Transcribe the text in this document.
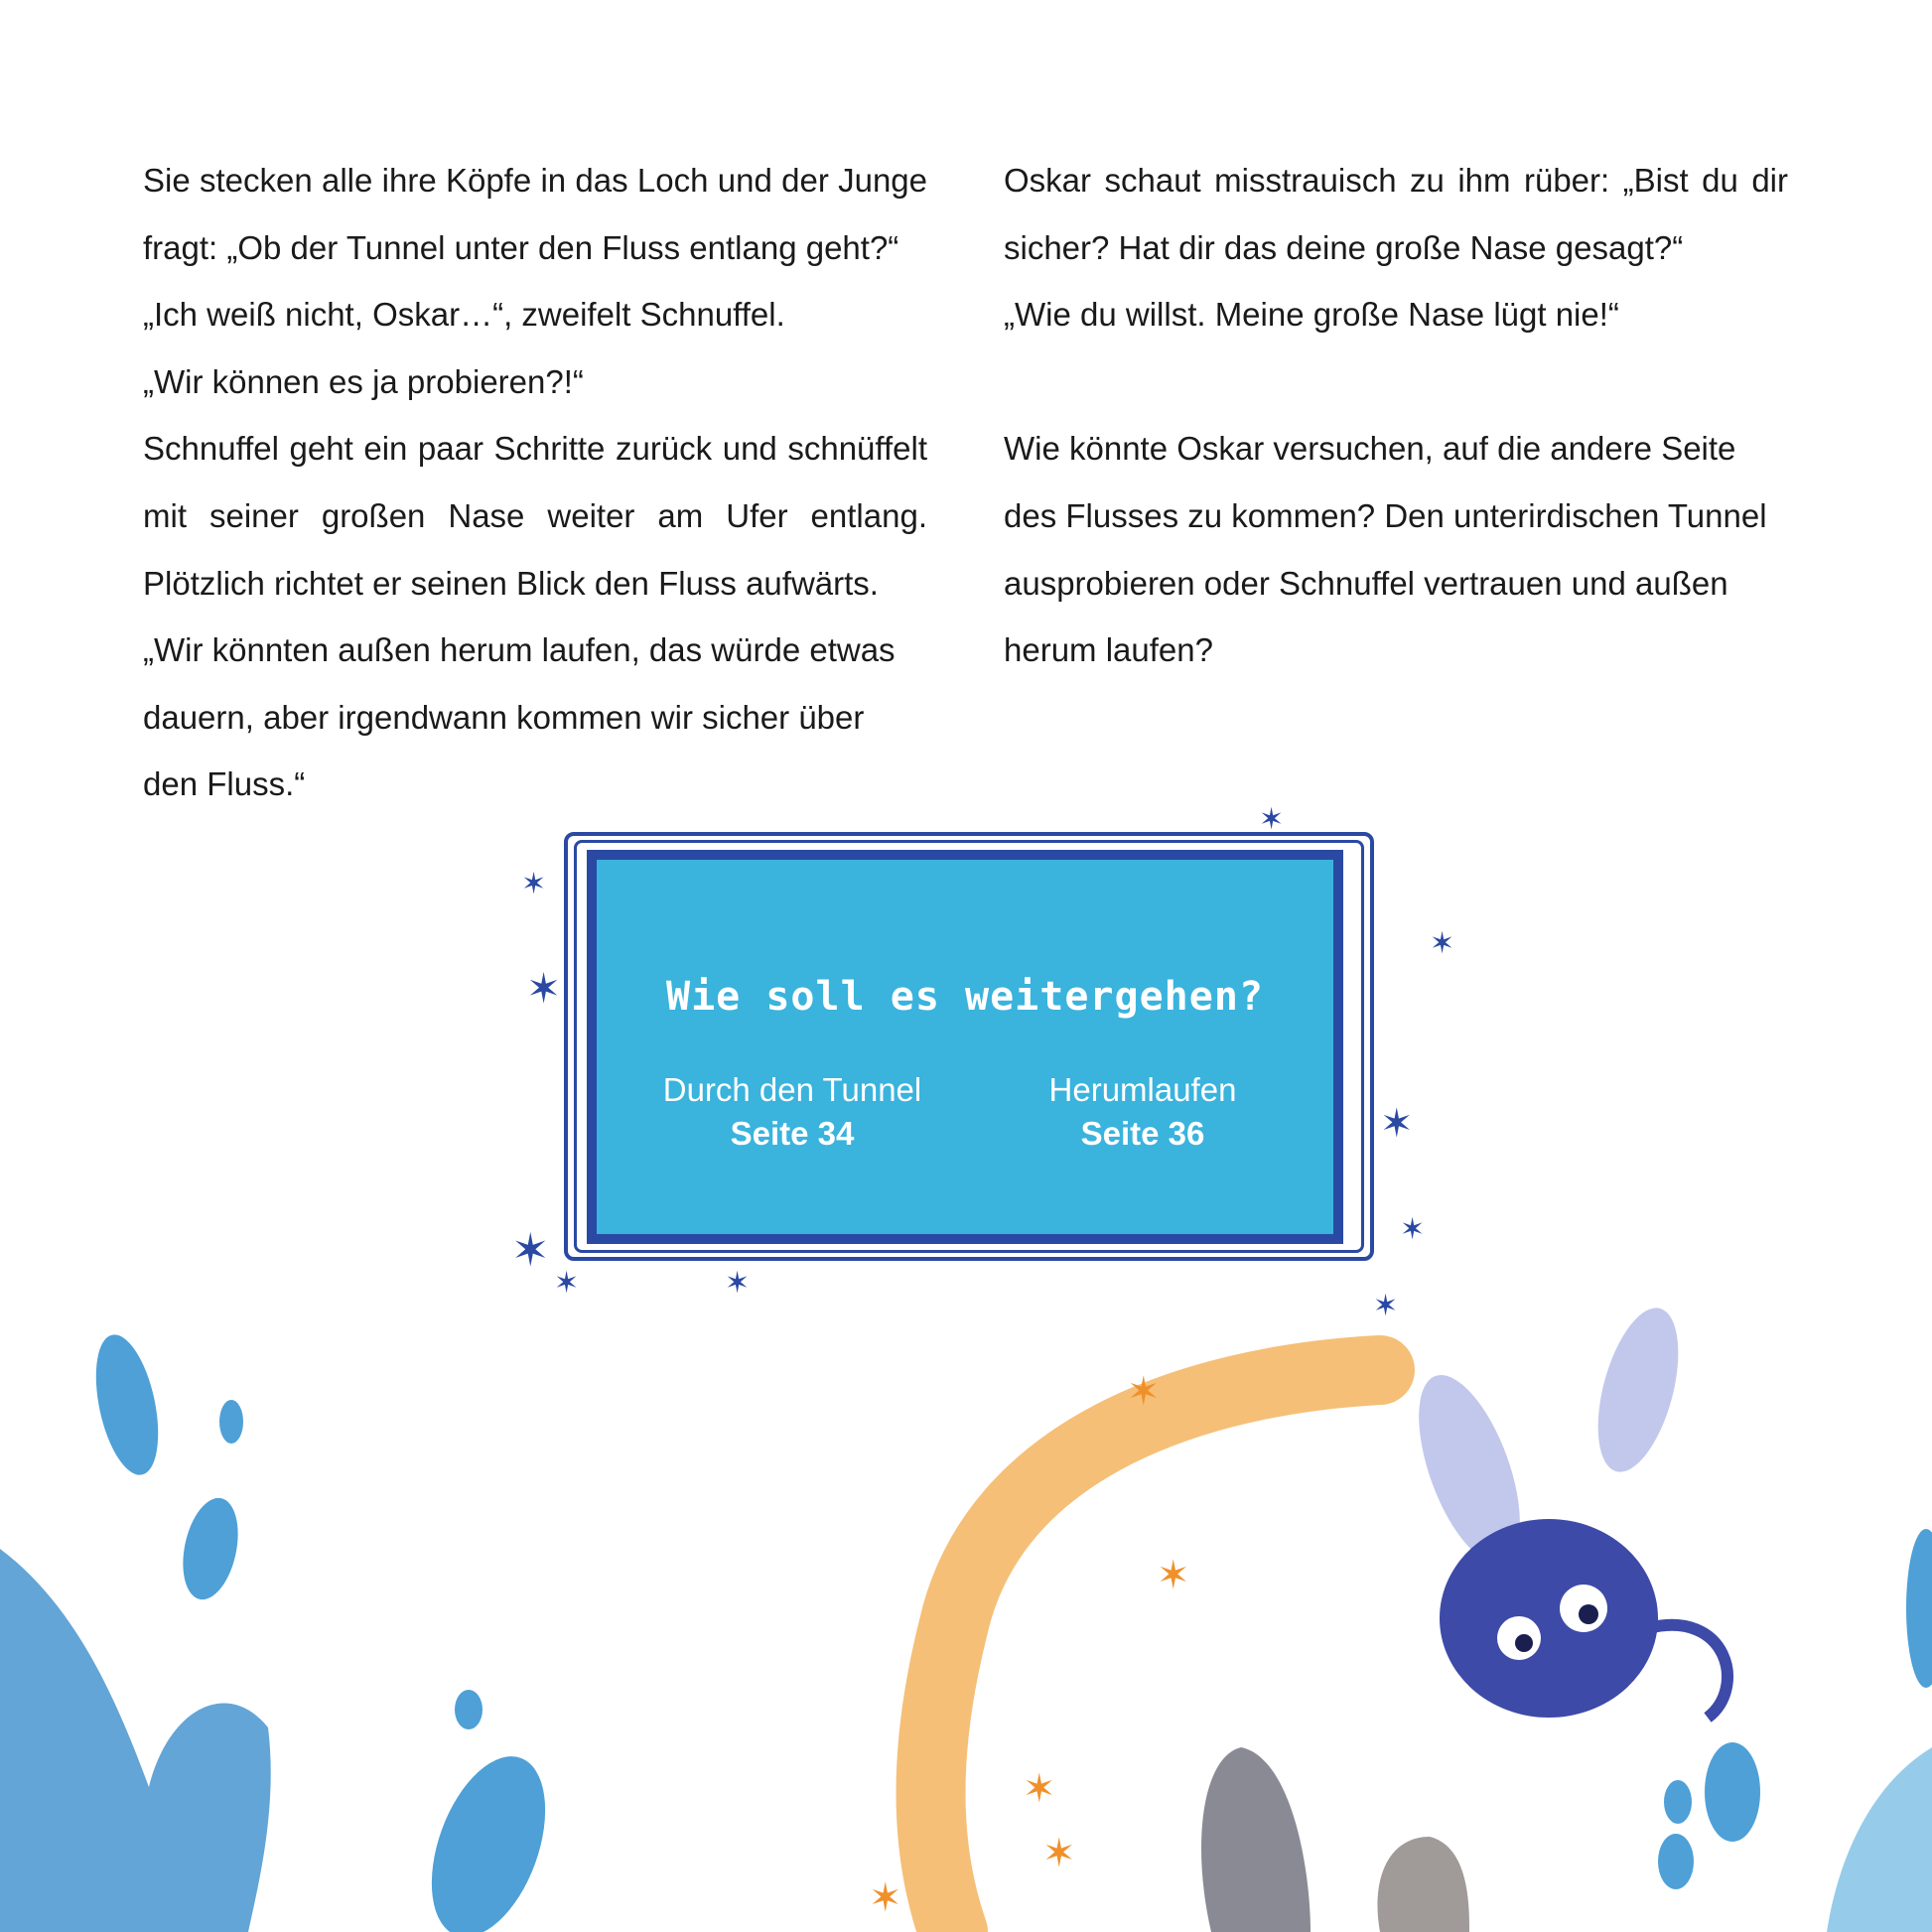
✶
✶
✶
✶
✶
✶
✶
✶
✶
✶
✶
✶
✶	✶
✶

Sie stecken alle ihre Köpfe in das Loch und der Junge fragt: „Ob der Tunnel unter den Fluss entlang geht?“

„Ich weiß nicht, Oskar…“, zweifelt Schnuffel.

„Wir können es ja probieren?!“

Schnuffel geht ein paar Schritte zurück und schnüffelt mit seiner großen Nase weiter am Ufer entlang. Plötzlich richtet er seinen Blick den Fluss aufwärts.

„Wir könnten außen herum laufen, das würde etwas dauern, aber irgendwann kommen wir sicher über den Fluss.“

Oskar schaut misstrauisch zu ihm rüber: „Bist du dir sicher? Hat dir das deine große Nase gesagt?“

„Wie du willst. Meine große Nase lügt nie!“

Wie könnte Oskar versuchen, auf die andere Seite des Flusses zu kommen? Den unterirdischen Tunnel ausprobieren oder Schnuffel vertrauen und außen herum laufen?

Wie soll es weitergehen?
Durch den Tunnel
Seite 34
Herumlaufen
Seite 36
